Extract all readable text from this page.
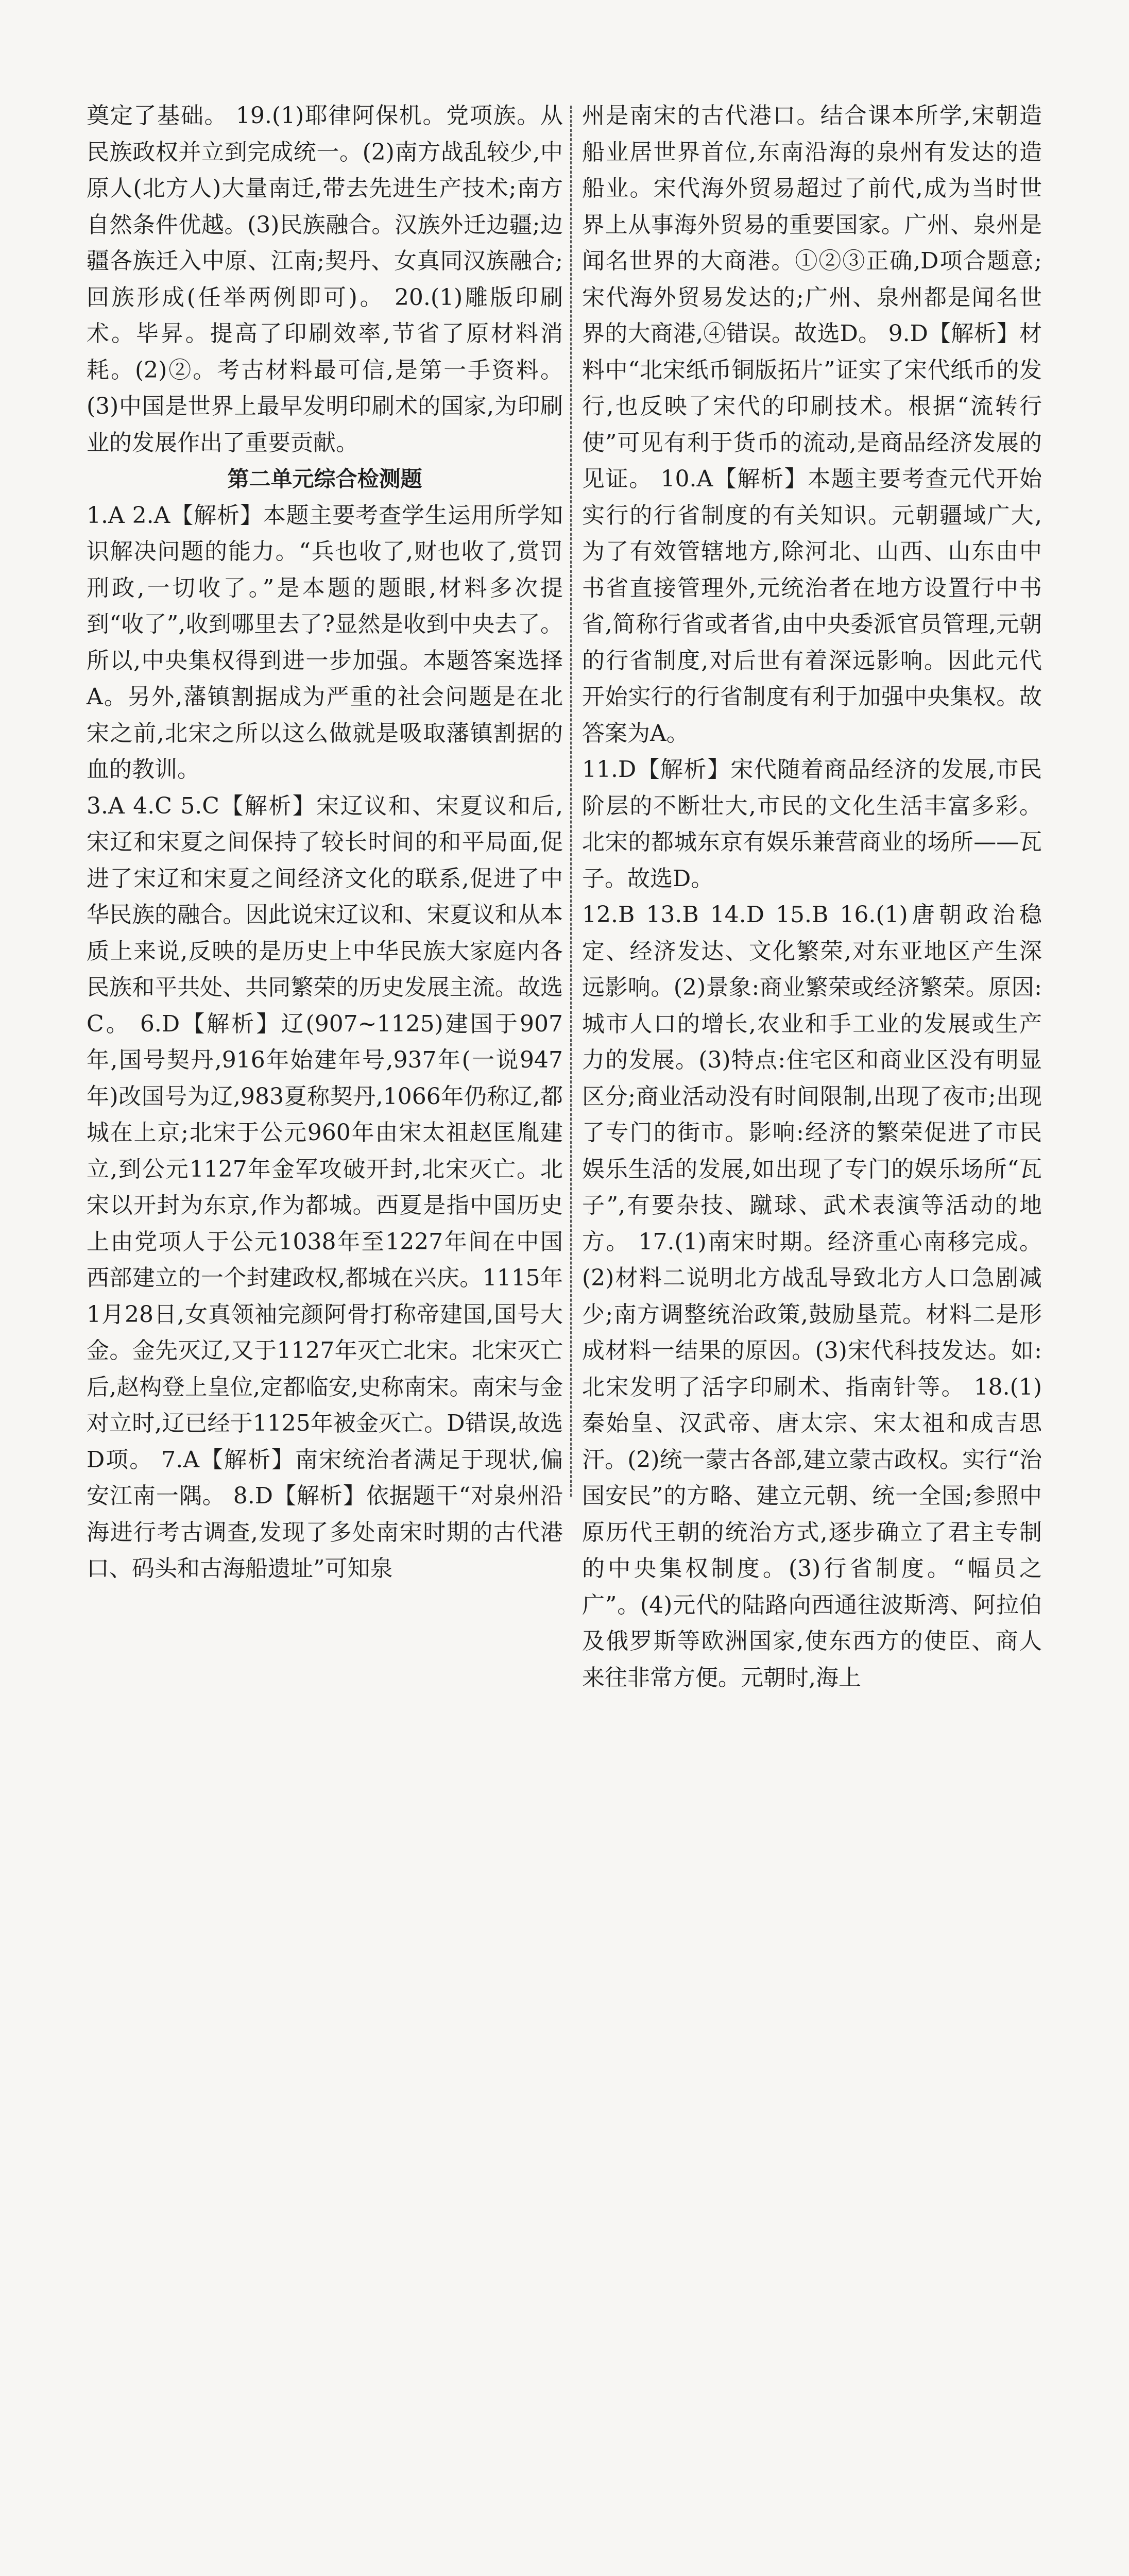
奠定了基础。 19.(1)耶律阿保机。党项族。从民族政权并立到完成统一。(2)南方战乱较少,中原人(北方人)大量南迁,带去先进生产技术;南方自然条件优越。(3)民族融合。汉族外迁边疆;边疆各族迁入中原、江南;契丹、女真同汉族融合;回族形成(任举两例即可)。 20.(1)雕版印刷术。毕昇。提高了印刷效率,节省了原材料消耗。(2)②。考古材料最可信,是第一手资料。(3)中国是世界上最早发明印刷术的国家,为印刷业的发展作出了重要贡献。

第二单元综合检测题

1.A 2.A【解析】本题主要考查学生运用所学知识解决问题的能力。“兵也收了,财也收了,赏罚刑政,一切收了。”是本题的题眼,材料多次提到“收了”,收到哪里去了?显然是收到中央去了。所以,中央集权得到进一步加强。本题答案选择A。另外,藩镇割据成为严重的社会问题是在北宋之前,北宋之所以这么做就是吸取藩镇割据的血的教训。

3.A 4.C 5.C【解析】宋辽议和、宋夏议和后,宋辽和宋夏之间保持了较长时间的和平局面,促进了宋辽和宋夏之间经济文化的联系,促进了中华民族的融合。因此说宋辽议和、宋夏议和从本质上来说,反映的是历史上中华民族大家庭内各民族和平共处、共同繁荣的历史发展主流。故选C。 6.D【解析】辽(907~1125)建国于907年,国号契丹,916年始建年号,937年(一说947年)改国号为辽,983夏称契丹,1066年仍称辽,都城在上京;北宋于公元960年由宋太祖赵匡胤建立,到公元1127年金军攻破开封,北宋灭亡。北宋以开封为东京,作为都城。西夏是指中国历史上由党项人于公元1038年至1227年间在中国西部建立的一个封建政权,都城在兴庆。1115年1月28日,女真领袖完颜阿骨打称帝建国,国号大金。金先灭辽,又于1127年灭亡北宋。北宋灭亡后,赵构登上皇位,定都临安,史称南宋。南宋与金对立时,辽已经于1125年被金灭亡。D错误,故选D项。 7.A【解析】南宋统治者满足于现状,偏安江南一隅。 8.D【解析】依据题干“对泉州沿海进行考古调查,发现了多处南宋时期的古代港口、码头和古海船遗址”可知泉

州是南宋的古代港口。结合课本所学,宋朝造船业居世界首位,东南沿海的泉州有发达的造船业。宋代海外贸易超过了前代,成为当时世界上从事海外贸易的重要国家。广州、泉州是闻名世界的大商港。①②③正确,D项合题意;宋代海外贸易发达的;广州、泉州都是闻名世界的大商港,④错误。故选D。 9.D【解析】材料中“北宋纸币铜版拓片”证实了宋代纸币的发行,也反映了宋代的印刷技术。根据“流转行使”可见有利于货币的流动,是商品经济发展的见证。 10.A【解析】本题主要考查元代开始实行的行省制度的有关知识。元朝疆域广大,为了有效管辖地方,除河北、山西、山东由中书省直接管理外,元统治者在地方设置行中书省,简称行省或者省,由中央委派官员管理,元朝的行省制度,对后世有着深远影响。因此元代开始实行的行省制度有利于加强中央集权。故答案为A。

11.D【解析】宋代随着商品经济的发展,市民阶层的不断壮大,市民的文化生活丰富多彩。北宋的都城东京有娱乐兼营商业的场所——瓦子。故选D。

12.B 13.B 14.D 15.B 16.(1)唐朝政治稳定、经济发达、文化繁荣,对东亚地区产生深远影响。(2)景象:商业繁荣或经济繁荣。原因:城市人口的增长,农业和手工业的发展或生产力的发展。(3)特点:住宅区和商业区没有明显区分;商业活动没有时间限制,出现了夜市;出现了专门的街市。影响:经济的繁荣促进了市民娱乐生活的发展,如出现了专门的娱乐场所“瓦子”,有要杂技、蹴球、武术表演等活动的地方。 17.(1)南宋时期。经济重心南移完成。(2)材料二说明北方战乱导致北方人口急剧减少;南方调整统治政策,鼓励垦荒。材料二是形成材料一结果的原因。(3)宋代科技发达。如:北宋发明了活字印刷术、指南针等。 18.(1)秦始皇、汉武帝、唐太宗、宋太祖和成吉思汗。(2)统一蒙古各部,建立蒙古政权。实行“治国安民”的方略、建立元朝、统一全国;参照中原历代王朝的统治方式,逐步确立了君主专制的中央集权制度。(3)行省制度。“幅员之广”。(4)元代的陆路向西通往波斯湾、阿拉伯及俄罗斯等欧洲国家,使东西方的使臣、商人来往非常方便。元朝时,海上
